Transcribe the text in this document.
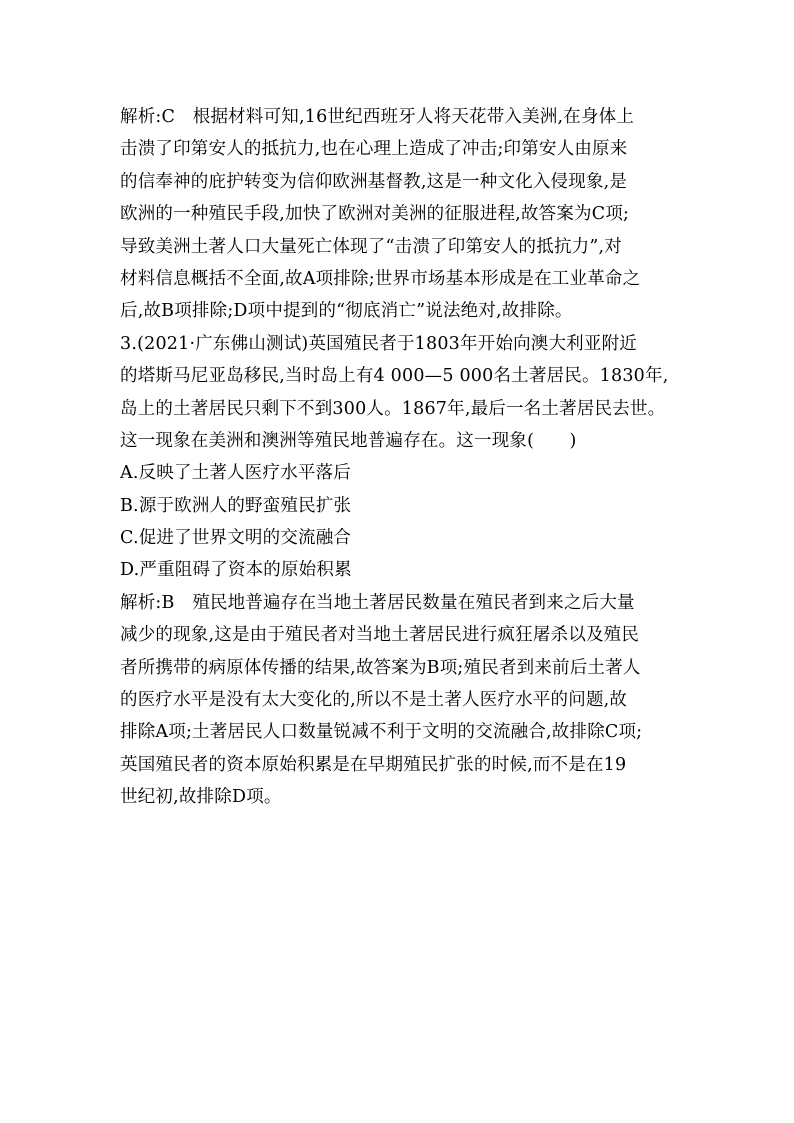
解析:C　根据材料可知,16世纪西班牙人将天花带入美洲,在身体上
击溃了印第安人的抵抗力,也在心理上造成了冲击;印第安人由原来
的信奉神的庇护转变为信仰欧洲基督教,这是一种文化入侵现象,是
欧洲的一种殖民手段,加快了欧洲对美洲的征服进程,故答案为C项;
导致美洲土著人口大量死亡体现了“击溃了印第安人的抵抗力”,对
材料信息概括不全面,故A项排除;世界市场基本形成是在工业革命之
后,故B项排除;D项中提到的“彻底消亡”说法绝对,故排除。
3.(2021·广东佛山测试)英国殖民者于1803年开始向澳大利亚附近
的塔斯马尼亚岛移民,当时岛上有4 000—5 000名土著居民。1830年,
岛上的土著居民只剩下不到300人。1867年,最后一名土著居民去世。
这一现象在美洲和澳洲等殖民地普遍存在。这一现象(　　)
A.反映了土著人医疗水平落后
B.源于欧洲人的野蛮殖民扩张
C.促进了世界文明的交流融合
D.严重阻碍了资本的原始积累
解析:B　殖民地普遍存在当地土著居民数量在殖民者到来之后大量
减少的现象,这是由于殖民者对当地土著居民进行疯狂屠杀以及殖民
者所携带的病原体传播的结果,故答案为B项;殖民者到来前后土著人
的医疗水平是没有太大变化的,所以不是土著人医疗水平的问题,故
排除A项;土著居民人口数量锐减不利于文明的交流融合,故排除C项;
英国殖民者的资本原始积累是在早期殖民扩张的时候,而不是在19
世纪初,故排除D项。
